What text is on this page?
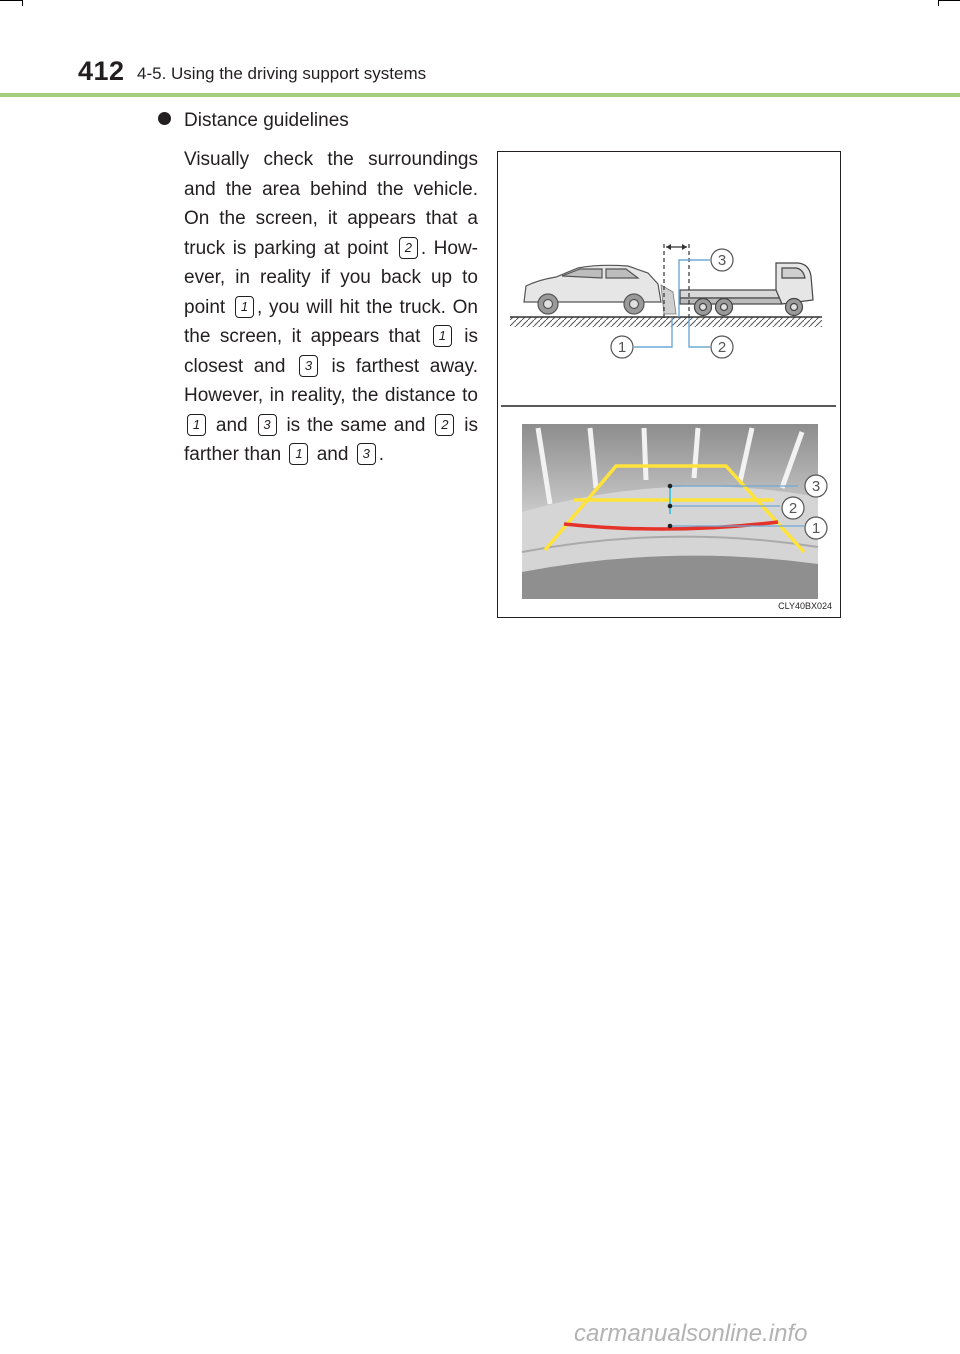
412 4-5. Using the driving support systems
Distance guidelines

Visually check the surroundings and the area behind the vehicle. On the screen, it appears that a truck is parking at point 2 . How-ever, in reality if you back up to point 1 , you will hit the truck. On the screen, it appears that 1 is closest and 3 is farthest away. However, in reality, the distance to 1 and 3 is the same and 2 is farther than 1 and 3 .

3
1	2
3
2
1
CLY40BX024
carmanualsonline.info
